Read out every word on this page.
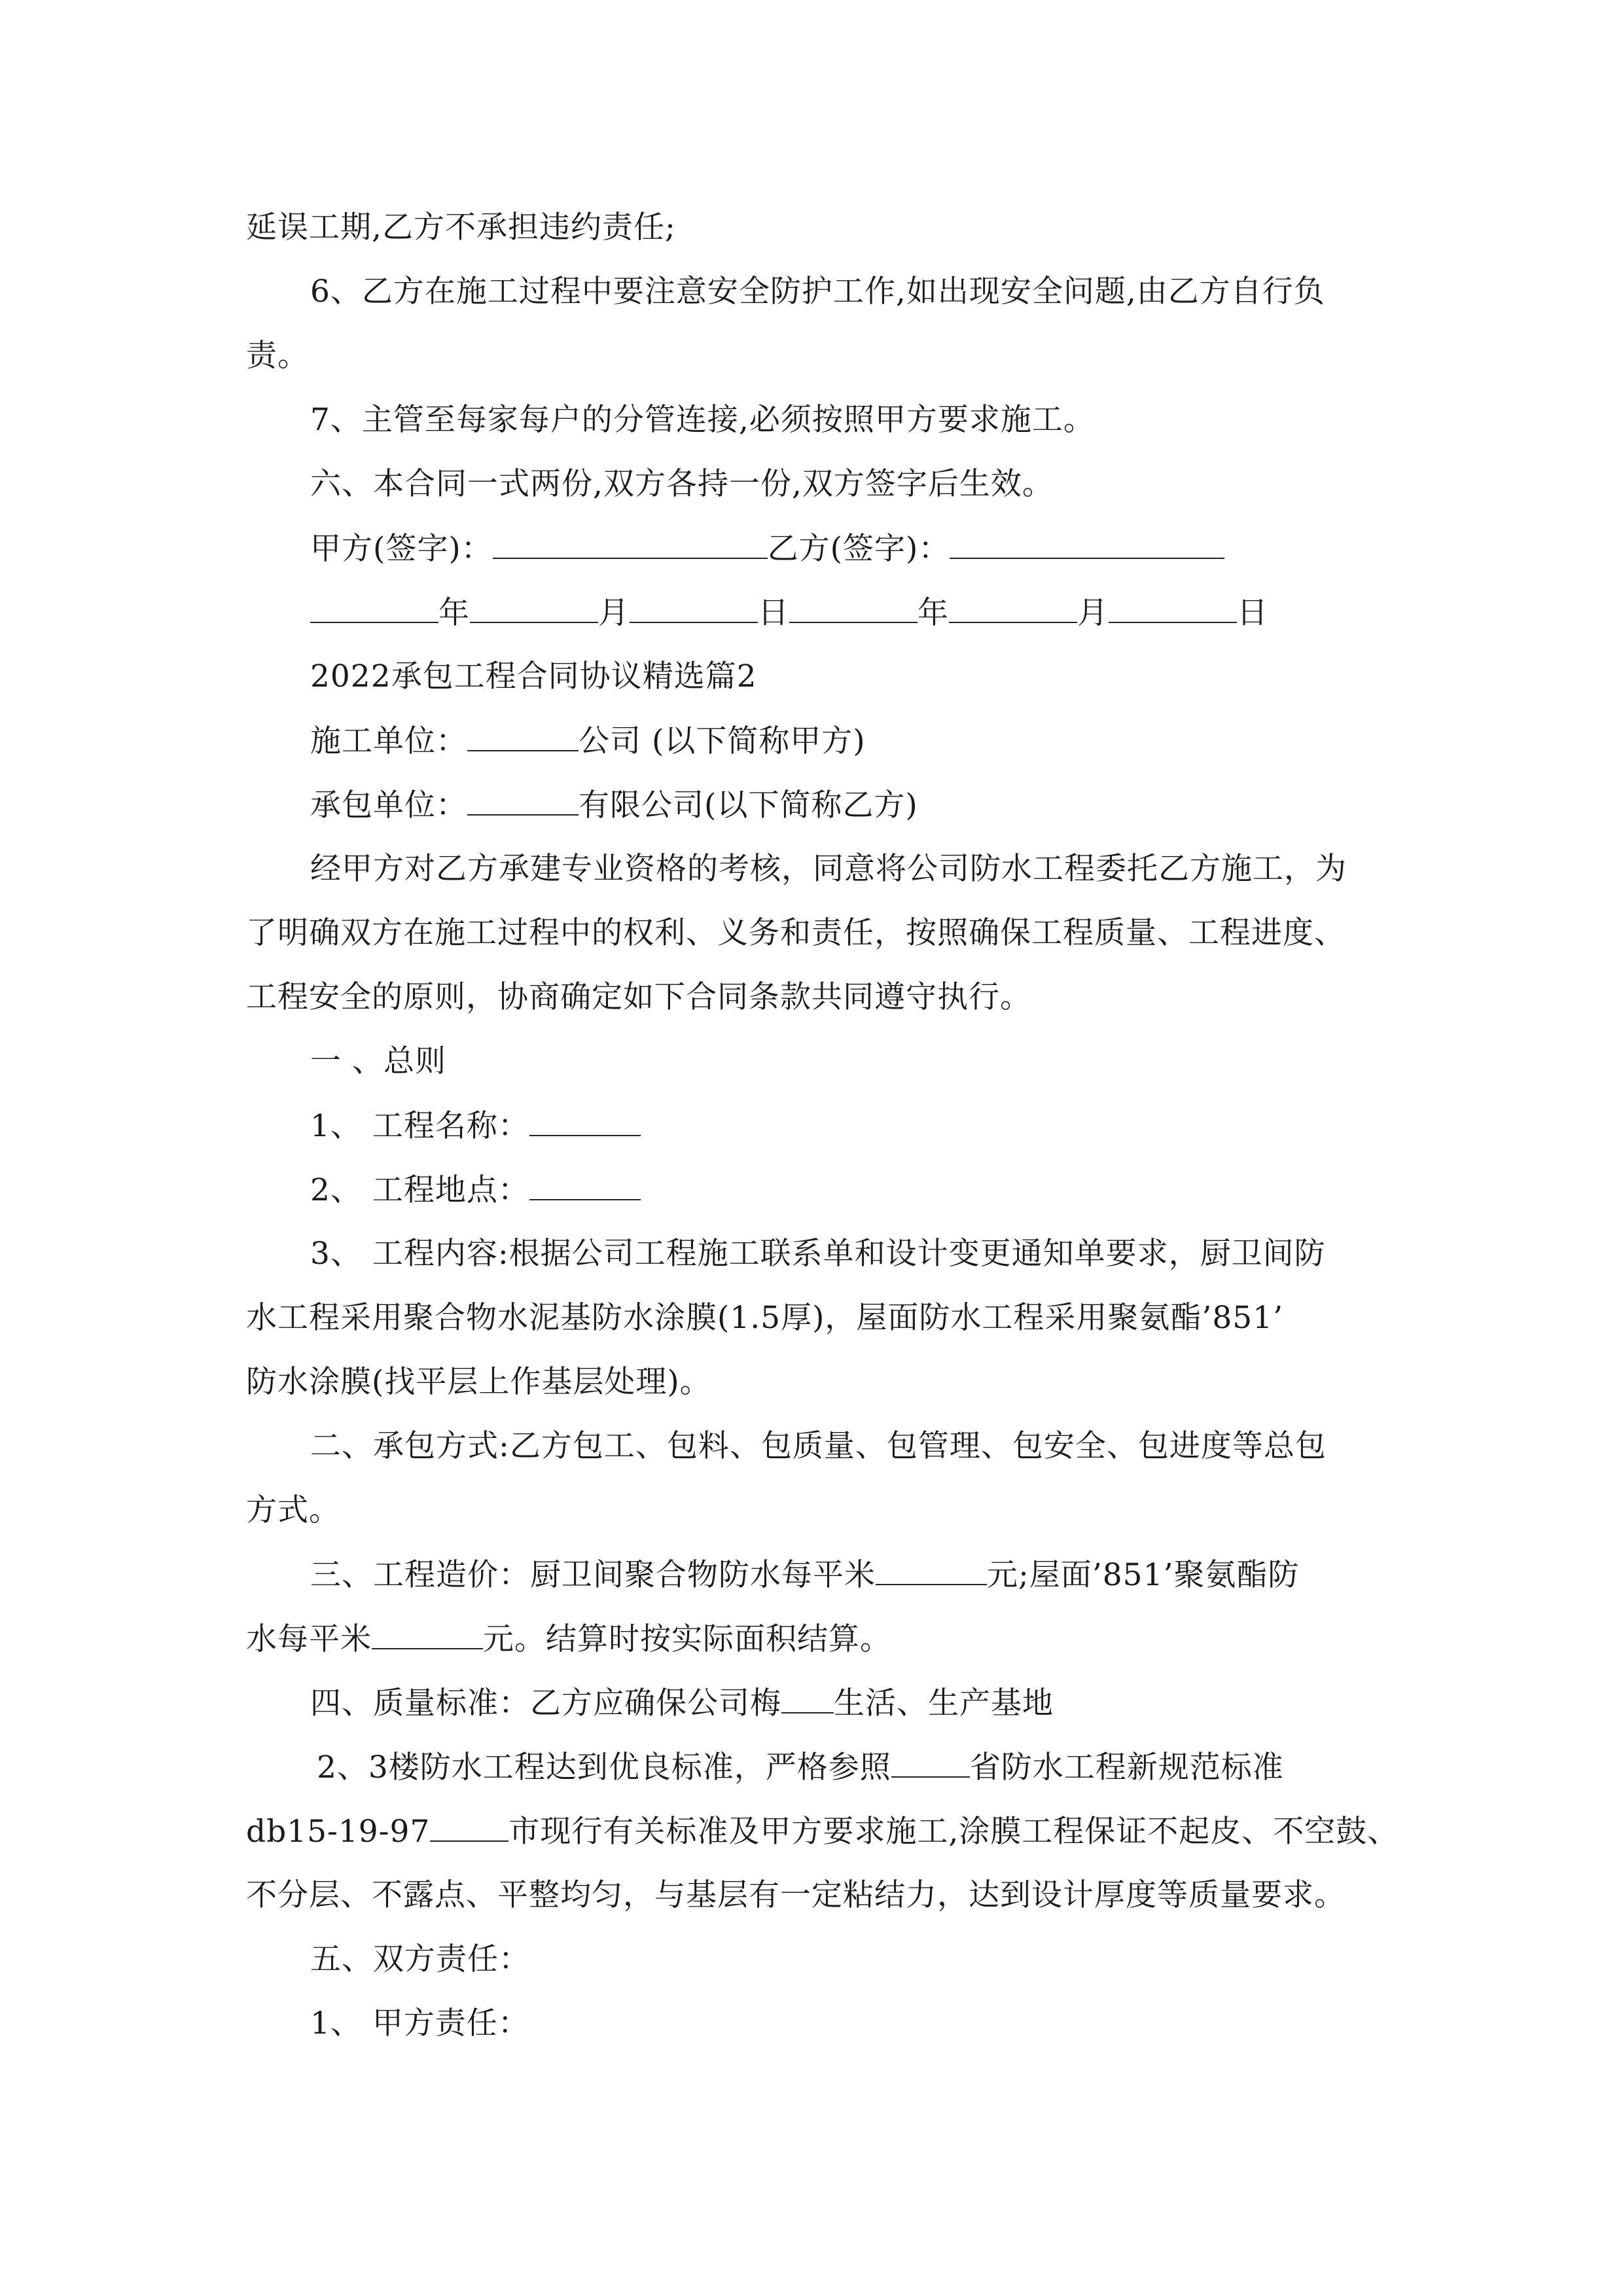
延误工期,乙方不承担违约责任;
6、乙方在施工过程中要注意安全防护工作,如出现安全问题,由乙方自行负
责。
7、主管至每家每户的分管连接,必须按照甲方要求施工。
六、本合同一式两份,双方各持一份,双方签字后生效。
甲方(签字)：	乙方(签字)：
年	月	日	年	月	日
2022承包工程合同协议精选篇2
施工单位：	公司 (以下简称甲方)
承包单位：	有限公司(以下简称乙方)
经甲方对乙方承建专业资格的考核，同意将公司防水工程委托乙方施工，为
了明确双方在施工过程中的权利、义务和责任，按照确保工程质量、工程进度、
工程安全的原则，协商确定如下合同条款共同遵守执行。
一 、总则
1、 工程名称：
2、 工程地点：
3、 工程内容:根据公司工程施工联系单和设计变更通知单要求，厨卫间防
水工程采用聚合物水泥基防水涂膜(1.5厚)，屋面防水工程采用聚氨酯’851’
防水涂膜(找平层上作基层处理)。
二、承包方式:乙方包工、包料、包质量、包管理、包安全、包进度等总包
方式。
三、工程造价：厨卫间聚合物防水每平米	元;屋面’851’聚氨酯防
水每平米	元。结算时按实际面积结算。
四、质量标准：乙方应确保公司梅 生活、生产基地
2、3楼防水工程达到优良标准，严格参照	省防水工程新规范标准
db15-19-97	市现行有关标准及甲方要求施工,涂膜工程保证不起皮、不空鼓、
不分层、不露点、平整均匀，与基层有一定粘结力，达到设计厚度等质量要求。
五、双方责任：
1、 甲方责任：
